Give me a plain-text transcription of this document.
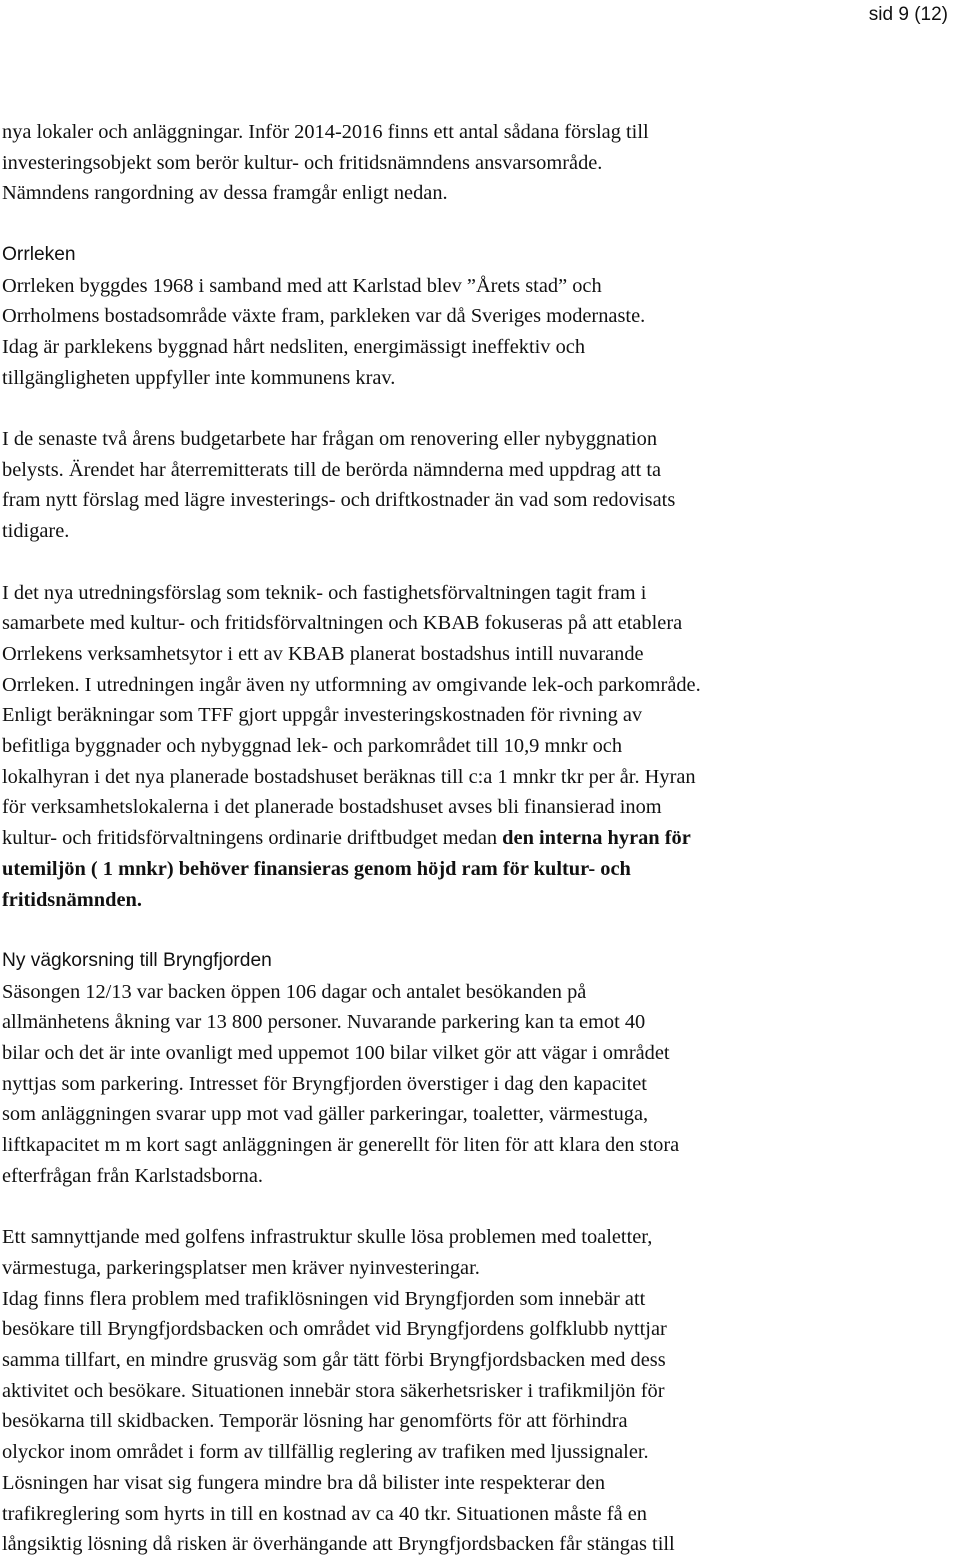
sid 9 (12)

nya lokaler och anläggningar. Inför 2014-2016 finns ett antal sådana förslag till
investeringsobjekt som berör kultur- och fritidsnämndens ansvarsområde.
Nämndens rangordning av dessa framgår enligt nedan.

Orrleken
Orrleken byggdes 1968 i samband med att Karlstad blev ”Årets stad” och
Orrholmens bostadsområde växte fram, parkleken var då Sveriges modernaste.
Idag är parklekens byggnad hårt nedsliten, energimässigt ineffektiv och
tillgängligheten uppfyller inte kommunens krav.

I de senaste två årens budgetarbete har frågan om renovering eller nybyggnation
belysts. Ärendet har återremitterats till de berörda nämnderna med uppdrag att ta
fram nytt förslag med lägre investerings- och driftkostnader än vad som redovisats
tidigare.

I det nya utredningsförslag som teknik- och fastighetsförvaltningen tagit fram i
samarbete med kultur- och fritidsförvaltningen och KBAB fokuseras på att etablera
Orrlekens verksamhetsytor i ett av KBAB planerat bostadshus intill nuvarande
Orrleken. I utredningen ingår även ny utformning av omgivande lek-och parkområde.
Enligt beräkningar som TFF gjort uppgår investeringskostnaden för rivning av
befitliga byggnader och nybyggnad lek- och parkområdet till 10,9 mnkr och
lokalhyran i det nya planerade bostadshuset beräknas till c:a 1 mnkr tkr per år. Hyran
för verksamhetslokalerna i det planerade bostadshuset avses bli finansierad inom
kultur- och fritidsförvaltningens ordinarie driftbudget medan den interna hyran för
utemiljön ( 1 mnkr) behöver finansieras genom höjd ram för kultur- och
fritidsnämnden.

Ny vägkorsning till Bryngfjorden
Säsongen 12/13 var backen öppen 106 dagar och antalet besökanden på
allmänhetens åkning var 13 800 personer. Nuvarande parkering kan ta emot 40
bilar och det är inte ovanligt med uppemot 100 bilar vilket gör att vägar i området
nyttjas som parkering. Intresset för Bryngfjorden överstiger i dag den kapacitet
som anläggningen svarar upp mot vad gäller parkeringar, toaletter, värmestuga,
liftkapacitet m m kort sagt anläggningen är generellt för liten för att klara den stora
efterfrågan från Karlstadsborna.

Ett samnyttjande med golfens infrastruktur skulle lösa problemen med toaletter,
värmestuga, parkeringsplatser men kräver nyinvesteringar.
Idag finns flera problem med trafiklösningen vid Bryngfjorden som innebär att
besökare till Bryngfjordsbacken och området vid Bryngfjordens golfklubb nyttjar
samma tillfart, en mindre grusväg som går tätt förbi Bryngfjordsbacken med dess
aktivitet och besökare. Situationen innebär stora säkerhetsrisker i trafikmiljön för
besökarna till skidbacken. Temporär lösning har genomförts för att förhindra
olyckor inom området i form av tillfällig reglering av trafiken med ljussignaler.
Lösningen har visat sig fungera mindre bra då bilister inte respekterar den
trafikreglering som hyrts in till en kostnad av ca 40 tkr. Situationen måste få en
långsiktig lösning då risken är överhängande att Bryngfjordsbacken får stängas till
